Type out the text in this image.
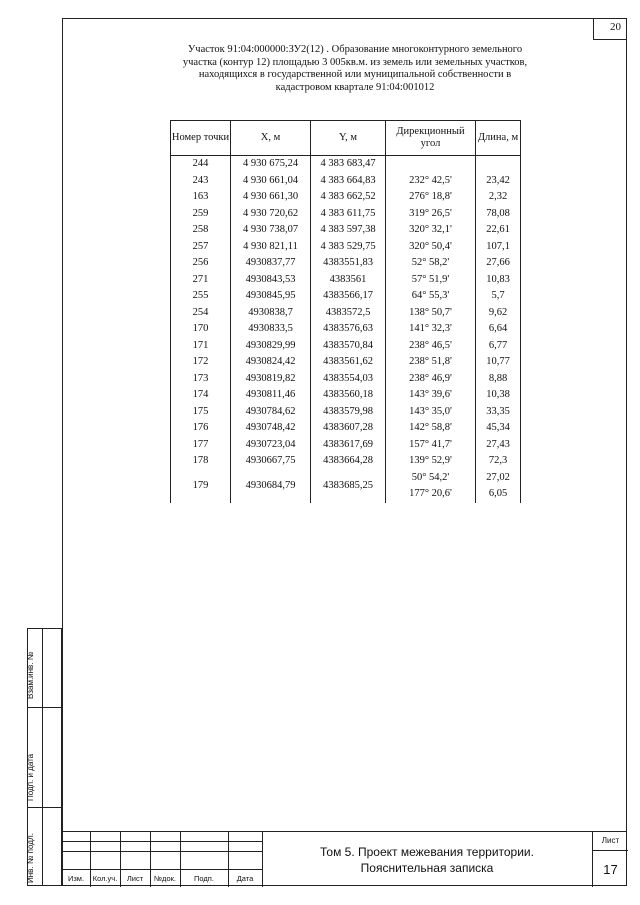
20
Участок 91:04:000000:ЗУ2(12) . Образование многоконтурного земельного участка (контур 12) площадью 3 005кв.м. из земель или земельных участков, находящихся в государственной или муниципальной собственности в кадастровом квартале 91:04:001012
Номер точки	X, м	Y, м	Дирекционный угол	Длина, м
244	4 930 675,24	4 383 683,47		
			232° 42,5'	23,42
243	4 930 661,04	4 383 664,83		
			276° 18,8'	2,32
163	4 930 661,30	4 383 662,52		
			319° 26,5'	78,08
259	4 930 720,62	4 383 611,75		
			320° 32,1'	22,61
258	4 930 738,07	4 383 597,38		
			320° 50,4'	107,1
257	4 930 821,11	4 383 529,75		
			52° 58,2'	27,66
256	4930837,77	4383551,83		
			57° 51,9'	10,83
271	4930843,53	4383561		
			64° 55,3'	5,7
255	4930845,95	4383566,17		
			138° 50,7'	9,62
254	4930838,7	4383572,5		
			141° 32,3'	6,64
170	4930833,5	4383576,63		
			238° 46,5'	6,77
171	4930829,99	4383570,84		
			238° 51,8'	10,77
172	4930824,42	4383561,62		
			238° 46,9'	8,88
173	4930819,82	4383554,03		
			143° 39,6'	10,38
174	4930811,46	4383560,18		
			143° 35,0'	33,35
175	4930784,62	4383579,98		
			142° 58,8'	45,34
176	4930748,42	4383607,28		
			157° 41,7'	27,43
177	4930723,04	4383617,69		
			139° 52,9'	72,3
178	4930667,75	4383664,28		
			50° 54,2'	27,02
179	4930684,79	4383685,25		
			177° 20,6'	6,05
Взам.инв. №
Подп. и дата
Инв. № подл.	Изм.	Кол.уч.	Лист	№док.	Подп.	Дата
Том 5. Проект межевания территории.
Пояснительная записка
Лист
17
